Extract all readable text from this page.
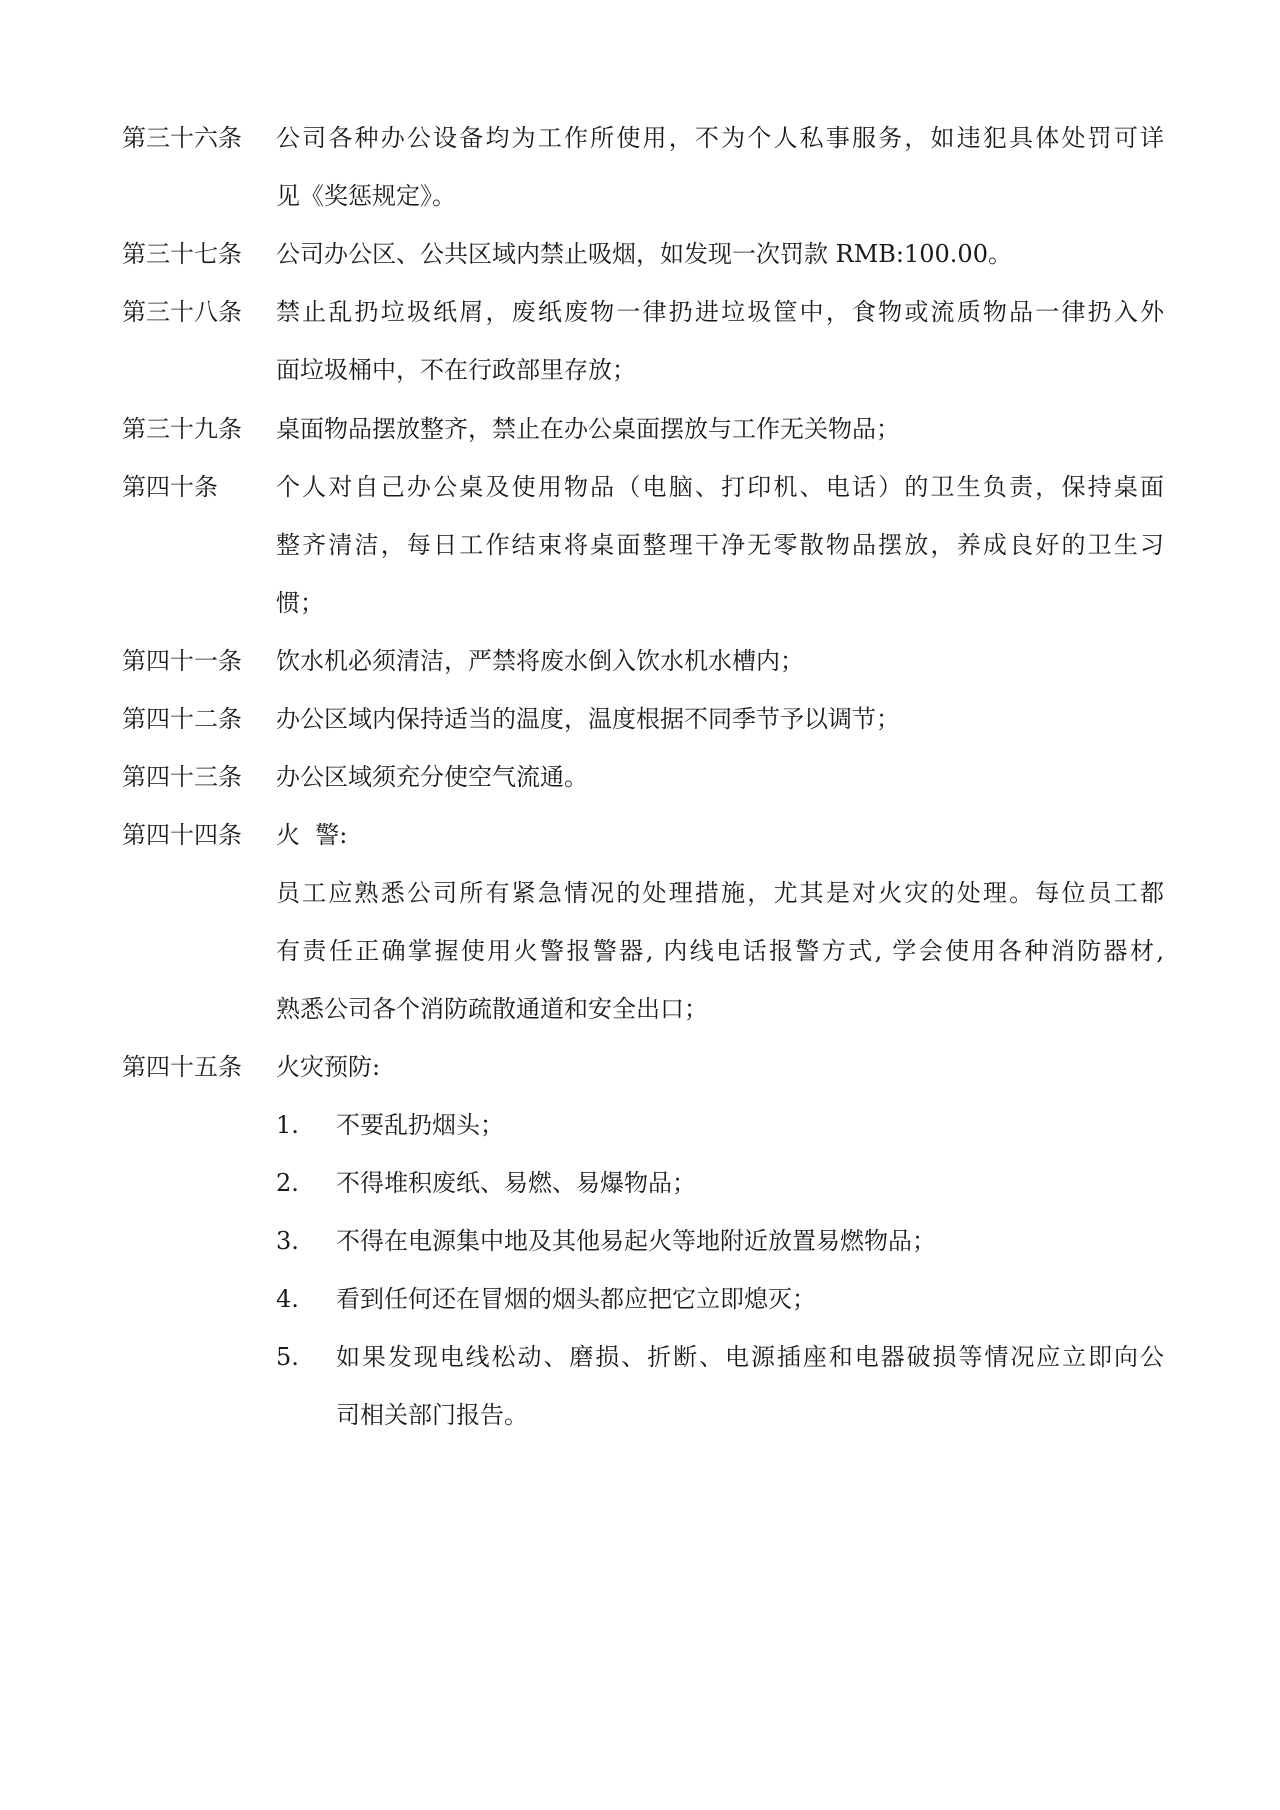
第三十六条 公司各种办公设备均为工作所使用，不为个人私事服务，如违犯具体处罚可详
见《奖惩规定》。
第三十七条 公司办公区、公共区域内禁止吸烟，如发现一次罚款 RMB:100.00。
第三十八条 禁止乱扔垃圾纸屑，废纸废物一律扔进垃圾筐中，食物或流质物品一律扔入外
面垃圾桶中，不在行政部里存放；
第三十九条 桌面物品摆放整齐，禁止在办公桌面摆放与工作无关物品；
第四十条 个人对自己办公桌及使用物品（电脑、打印机、电话）的卫生负责，保持桌面
整齐清洁，每日工作结束将桌面整理干净无零散物品摆放，养成良好的卫生习
惯；
第四十一条 饮水机必须清洁，严禁将废水倒入饮水机水槽内；
第四十二条 办公区域内保持适当的温度，温度根据不同季节予以调节；
第四十三条 办公区域须充分使空气流通。
第四十四条 火  警:
员工应熟悉公司所有紧急情况的处理措施，尤其是对火灾的处理。每位员工都
有责任正确掌握使用火警报警器, 内线电话报警方式, 学会使用各种消防器材,
熟悉公司各个消防疏散通道和安全出口；
第四十五条 火灾预防:
1. 不要乱扔烟头；
2. 不得堆积废纸、易燃、易爆物品；
3. 不得在电源集中地及其他易起火等地附近放置易燃物品；
4. 看到任何还在冒烟的烟头都应把它立即熄灭；
5. 如果发现电线松动、磨损、折断、电源插座和电器破损等情况应立即向公
司相关部门报告。
